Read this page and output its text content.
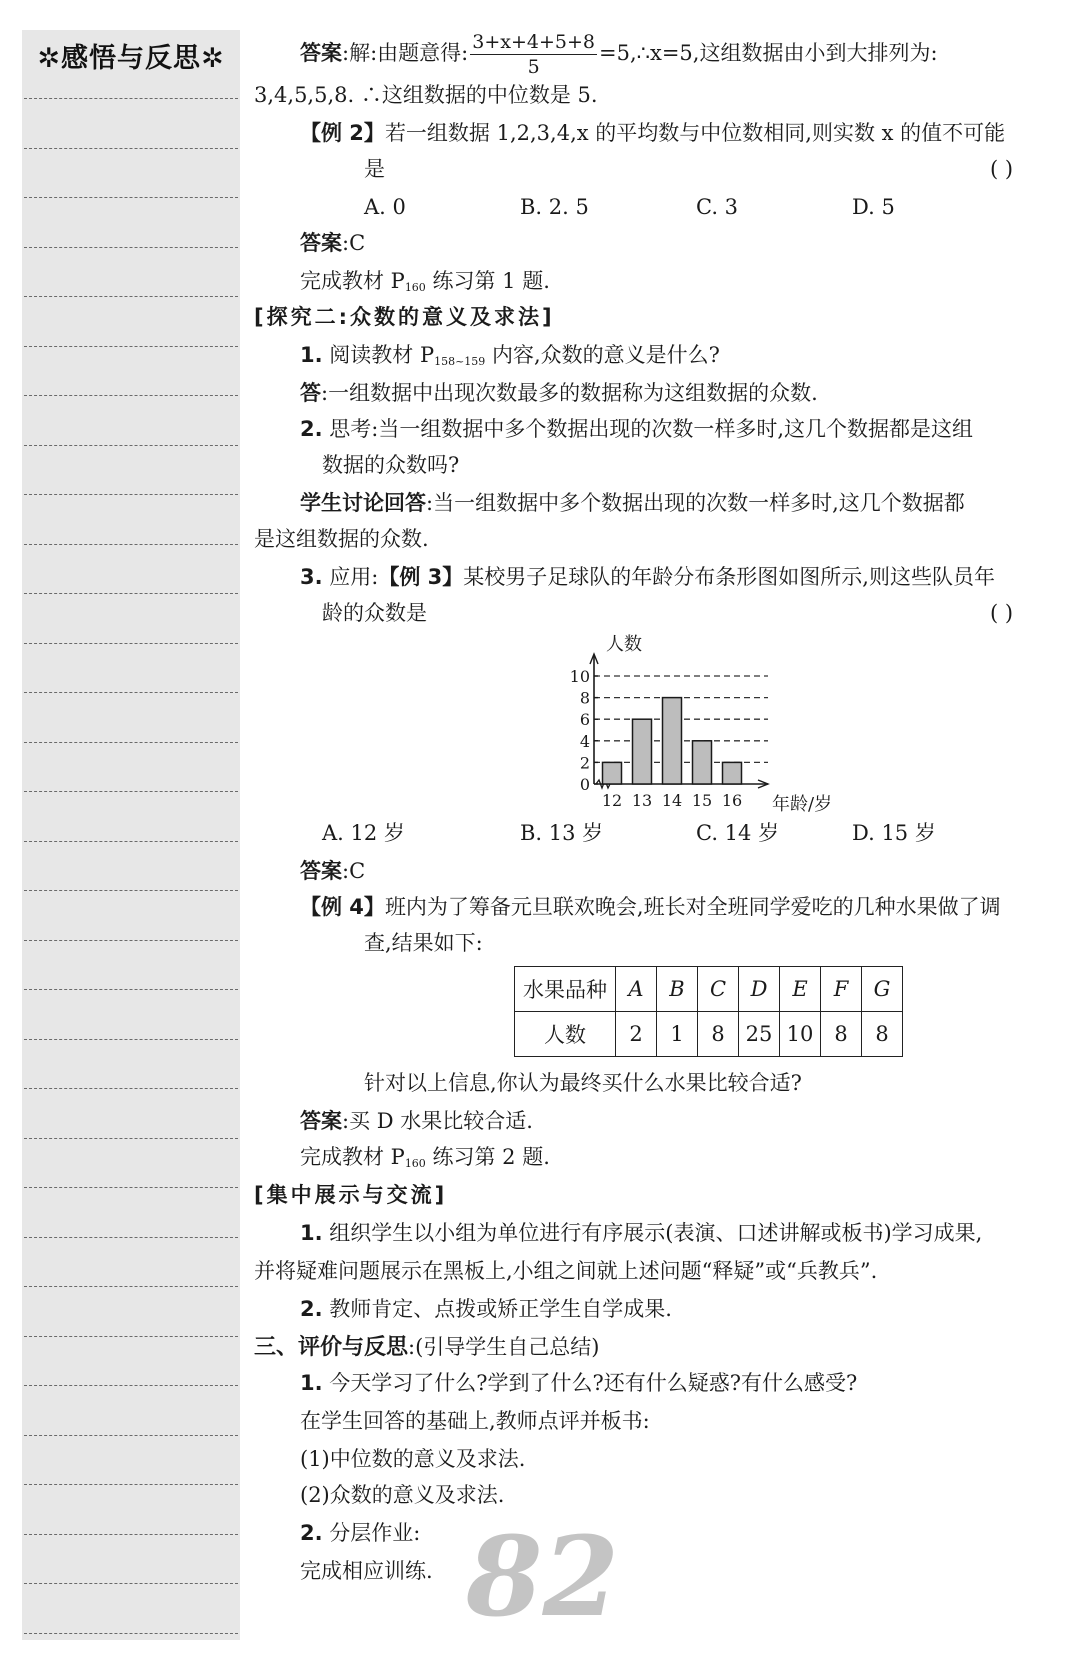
✲感悟与反思✲	答案:解:由题意得: $\frac{3+x+4+5+8}{5}$ =5,∴x=5,这组数据由小到大排列为:
3,4,5,5,8. ∴这组数据的中位数是 5.
【例 2】若一组数据 1,2,3,4,x 的平均数与中位数相同,则实数 x 的值不可能
是	( )
A. 0	B. 2. 5	C. 3	D. 5
答案:C
完成教材 $P_{160}$ 练习第 1 题.
[探究二:众数的意义及求法]
1. 阅读教材 $P_{158\sim 159}$ 内容,众数的意义是什么?
答:一组数据中出现次数最多的数据称为这组数据的众数.
2. 思考:当一组数据中多个数据出现的次数一样多时,这几个数据都是这组
数据的众数吗?
学生讨论回答:当一组数据中多个数据出现的次数一样多时,这几个数据都
是这组数据的众数.
3. 应用:【例 3】某校男子足球队的年龄分布条形图如图所示,则这些队员年
龄的众数是	( )
0
2
4
6
8
10
12 13 14 15 16
人数
年龄/岁
A. 12 岁	B. 13 岁	C. 14 岁	D. 15 岁
答案:C
【例 4】班内为了筹备元旦联欢晚会,班长对全班同学爱吃的几种水果做了调
查,结果如下:
水果品种	A	B	C	D	E	F	G
人数	2	1	8	25	10	8	8
针对以上信息,你认为最终买什么水果比较合适?
答案:买 D 水果比较合适.
完成教材 $P_{160}$ 练习第 2 题.
[集中展示与交流]
1. 组织学生以小组为单位进行有序展示(表演、口述讲解或板书)学习成果,
并将疑难问题展示在黑板上,小组之间就上述问题“释疑”或“兵教兵”.
2. 教师肯定、点拨或矫正学生自学成果.
三、评价与反思:(引导学生自己总结)
1. 今天学习了什么?学到了什么?还有什么疑惑?有什么感受?
在学生回答的基础上,教师点评并板书:
(1)中位数的意义及求法.
(2)众数的意义及求法.
2. 分层作业:
完成相应训练. 82
